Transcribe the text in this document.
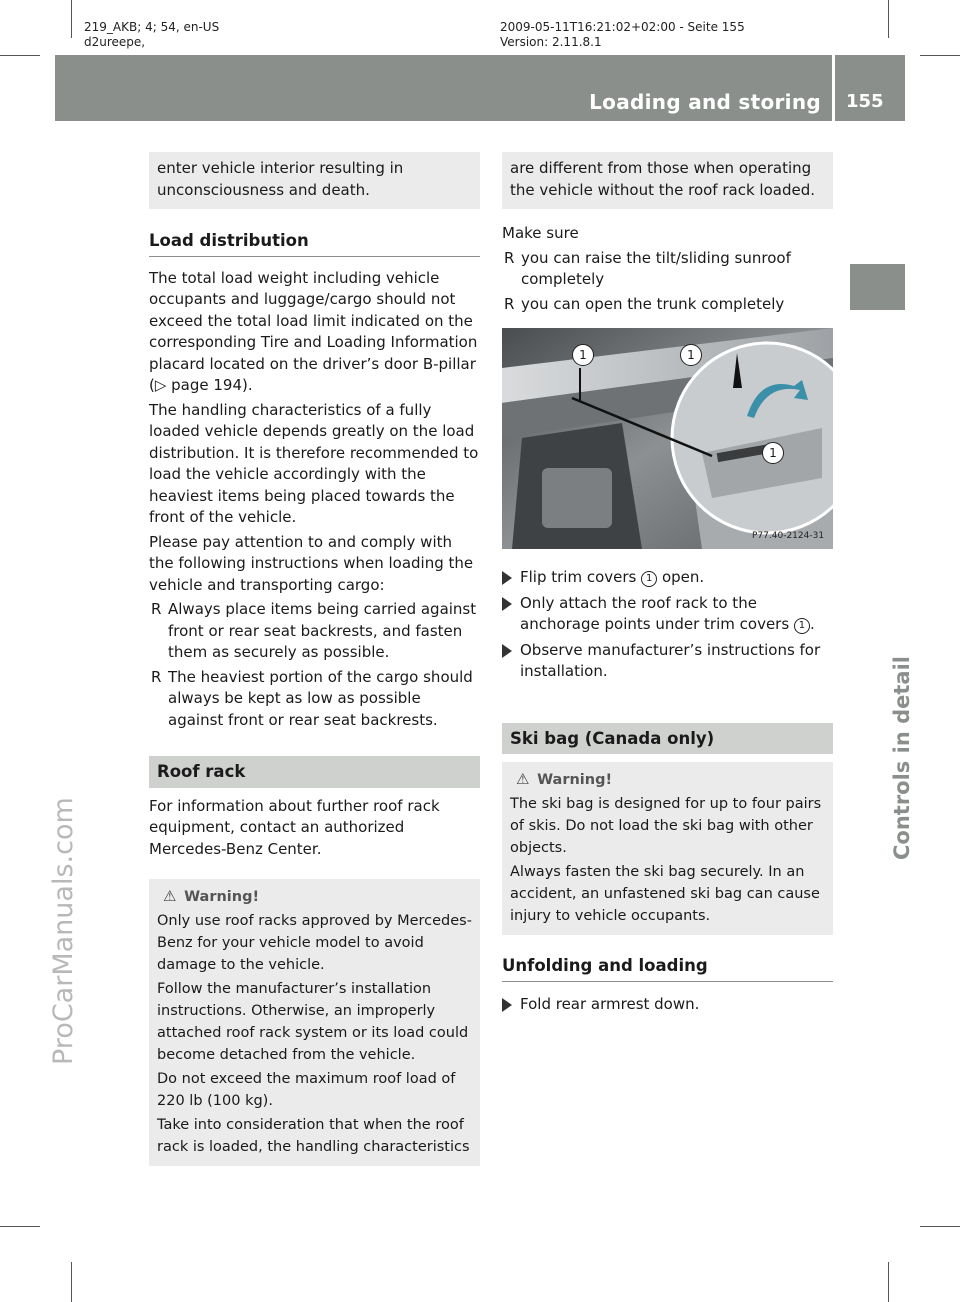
219_AKB; 4; 54, en-US
d2ureepe,
2009-05-11T16:21:02+02:00 - Seite 155
Version: 2.11.8.1
Loading and storing 155
Controls in detail
ProCarManuals.com

enter vehicle interior resulting in unconsciousness and death.

Load distribution

The total load weight including vehicle occupants and luggage/cargo should not exceed the total load limit indicated on the corresponding Tire and Loading Information placard located on the driver’s door B-pillar (▷ page 194).

The handling characteristics of a fully loaded vehicle depends greatly on the load distribution. It is therefore recommended to load the vehicle accordingly with the heaviest items being placed towards the front of the vehicle.

Please pay attention to and comply with the following instructions when loading the vehicle and transporting cargo:

R Always place items being carried against front or rear seat backrests, and fasten them as securely as possible.
R The heaviest portion of the cargo should always be kept as low as possible against front or rear seat backrests.
Roof rack

For information about further roof rack equipment, contact an authorized Mercedes-Benz Center.

⚠ Warning!

Only use roof racks approved by Mercedes-Benz for your vehicle model to avoid damage to the vehicle.

Follow the manufacturer’s installation instructions. Otherwise, an improperly attached roof rack system or its load could become detached from the vehicle.

Do not exceed the maximum roof load of 220 lb (100 kg).

Take into consideration that when the roof rack is loaded, the handling characteristics

are different from those when operating the vehicle without the roof rack loaded.

Make sure

R you can raise the tilt/sliding sunroof completely
R you can open the trunk completely
P77.40-2124-31
1	1
1
Flip trim covers 1 open.
Only attach the roof rack to the anchorage points under trim covers 1 .
Observe manufacturer’s instructions for installation.
Ski bag (Canada only)

⚠ Warning!

The ski bag is designed for up to four pairs of skis. Do not load the ski bag with other objects.

Always fasten the ski bag securely. In an accident, an unfastened ski bag can cause injury to vehicle occupants.

Unfolding and loading
Fold rear armrest down.
